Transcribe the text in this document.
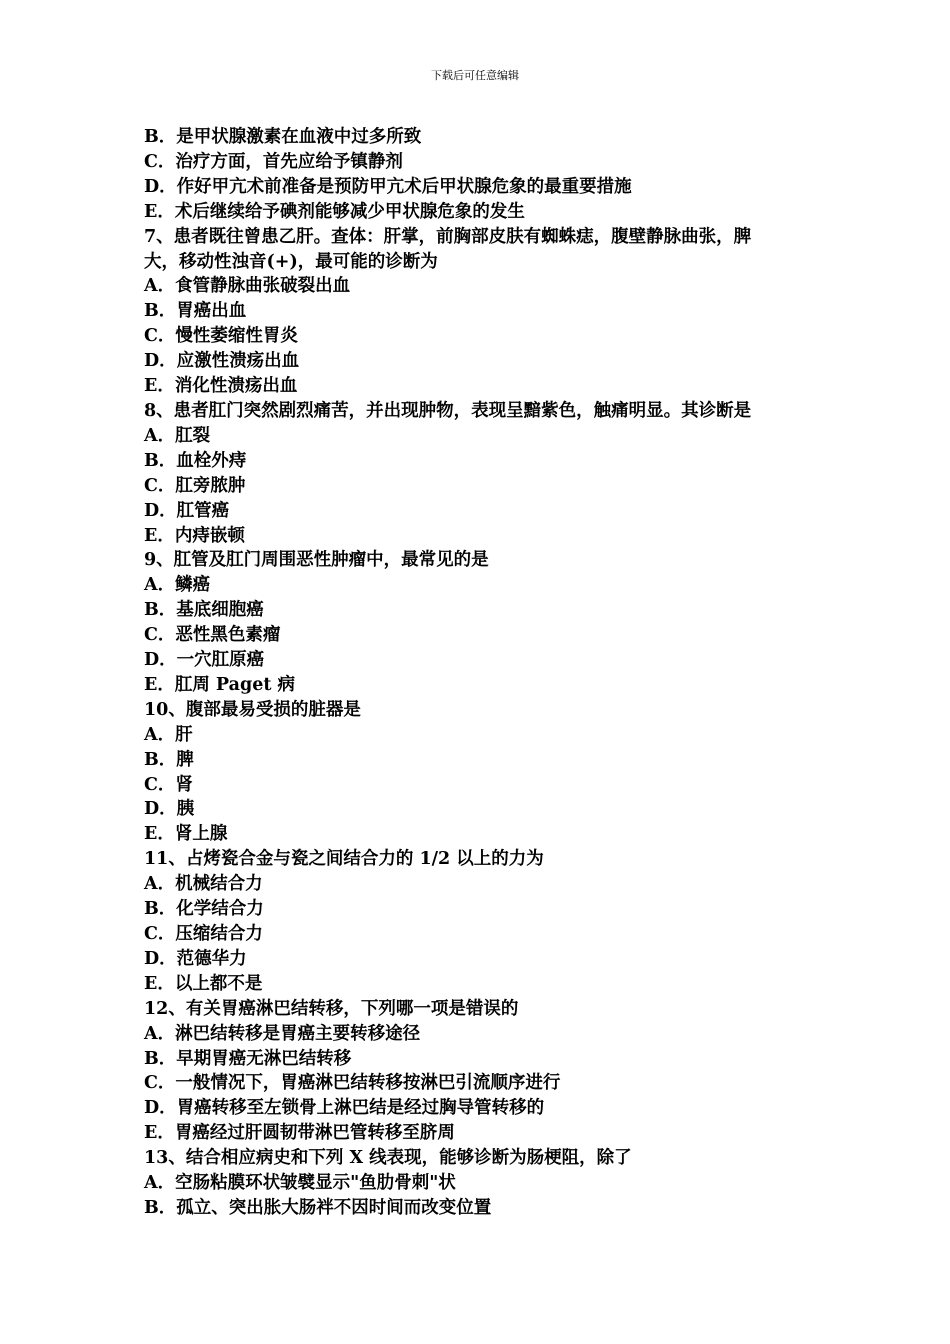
下载后可任意编辑
B．是甲状腺激素在血液中过多所致
C．治疗方面，首先应给予镇静剂
D．作好甲亢术前准备是预防甲亢术后甲状腺危象的最重要措施
E．术后继续给予碘剂能够减少甲状腺危象的发生
7、患者既往曾患乙肝。查体：肝掌，前胸部皮肤有蜘蛛痣，腹壁静脉曲张，脾
大，移动性浊音(+)，最可能的诊断为
A．食管静脉曲张破裂出血
B．胃癌出血
C．慢性萎缩性胃炎
D．应激性溃疡出血
E．消化性溃疡出血
8、患者肛门突然剧烈痛苦，并出现肿物，表现呈黯紫色，触痛明显。其诊断是
A．肛裂
B．血栓外痔
C．肛旁脓肿
D．肛管癌
E．内痔嵌顿
9、肛管及肛门周围恶性肿瘤中，最常见的是
A．鳞癌
B．基底细胞癌
C．恶性黑色素瘤
D．一穴肛原癌
E．肛周 Paget 病
10、腹部最易受损的脏器是
A．肝
B．脾
C．肾
D．胰
E．肾上腺
11、占烤瓷合金与瓷之间结合力的 1/2 以上的力为
A．机械结合力
B．化学结合力
C．压缩结合力
D．范德华力
E．以上都不是
12、有关胃癌淋巴结转移，下列哪一项是错误的
A．淋巴结转移是胃癌主要转移途径
B．早期胃癌无淋巴结转移
C．一般情况下，胃癌淋巴结转移按淋巴引流顺序进行
D．胃癌转移至左锁骨上淋巴结是经过胸导管转移的
E．胃癌经过肝圆韧带淋巴管转移至脐周
13、结合相应病史和下列 X 线表现，能够诊断为肠梗阻，除了
A．空肠粘膜环状皱襞显示"鱼肋骨刺"状
B．孤立、突出胀大肠袢不因时间而改变位置
